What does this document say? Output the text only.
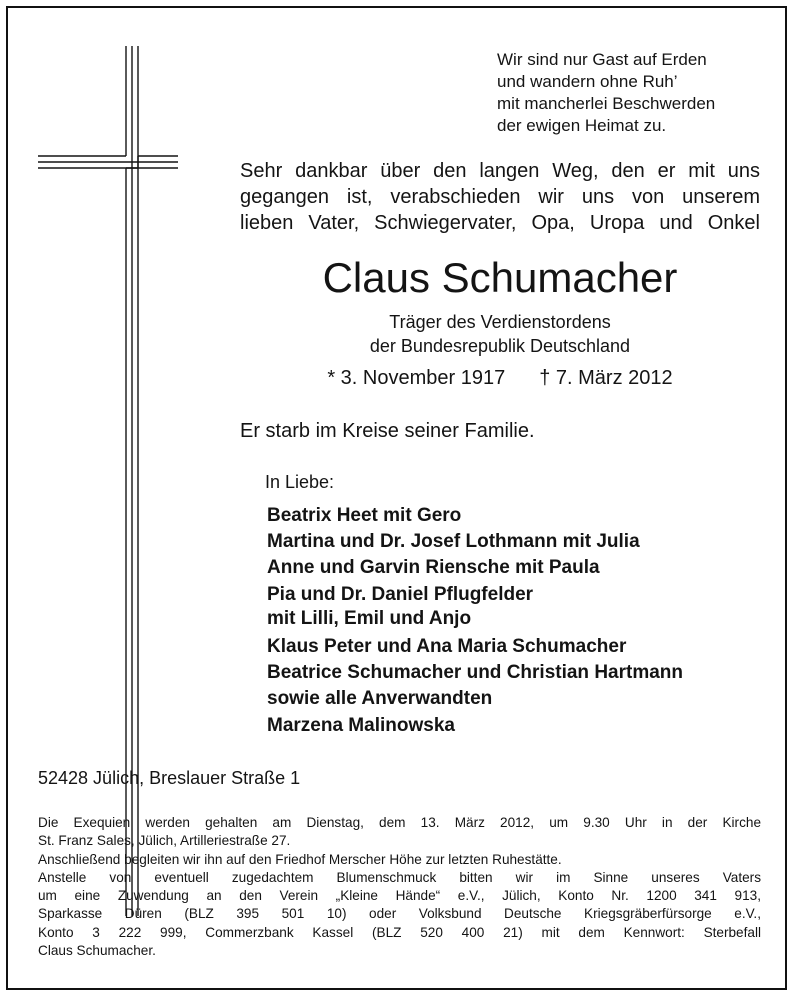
Wir sind nur Gast auf Erden
und wandern ohne Ruh’
mit mancherlei Beschwerden
der ewigen Heimat zu.
Sehr dankbar über den langen Weg, den er mit uns
gegangen ist, verabschieden wir uns von unserem
lieben Vater, Schwiegervater, Opa, Uropa und Onkel
Claus Schumacher
Träger des Verdienstordens
der Bundesrepublik Deutschland
* 3. November 1917 † 7. März 2012
Er starb im Kreise seiner Familie.
In Liebe:
Beatrix Heet mit Gero
Martina und Dr. Josef Lothmann mit Julia
Anne und Garvin Riensche mit Paula
Pia und Dr. Daniel Pflugfelder
mit Lilli, Emil und Anjo
Klaus Peter und Ana Maria Schumacher
Beatrice Schumacher und Christian Hartmann
sowie alle Anverwandten
Marzena Malinowska
52428 Jülich, Breslauer Straße 1

Die Exequien werden gehalten am Dienstag, dem 13. März 2012, um 9.30 Uhr in der Kirche
St. Franz Sales, Jülich, Artilleriestraße 27.

Anschließend begleiten wir ihn auf den Friedhof Merscher Höhe zur letzten Ruhestätte.

Anstelle von eventuell zugedachtem Blumenschmuck bitten wir im Sinne unseres Vaters
um eine Zuwendung an den Verein „Kleine Hände“ e.V., Jülich, Konto Nr. 1200 341 913,
Sparkasse Düren (BLZ 395 501 10) oder Volksbund Deutsche Kriegsgräberfürsorge e.V.,
Konto 3 222 999, Commerzbank Kassel (BLZ 520 400 21) mit dem Kennwort: Sterbefall
Claus Schumacher.
